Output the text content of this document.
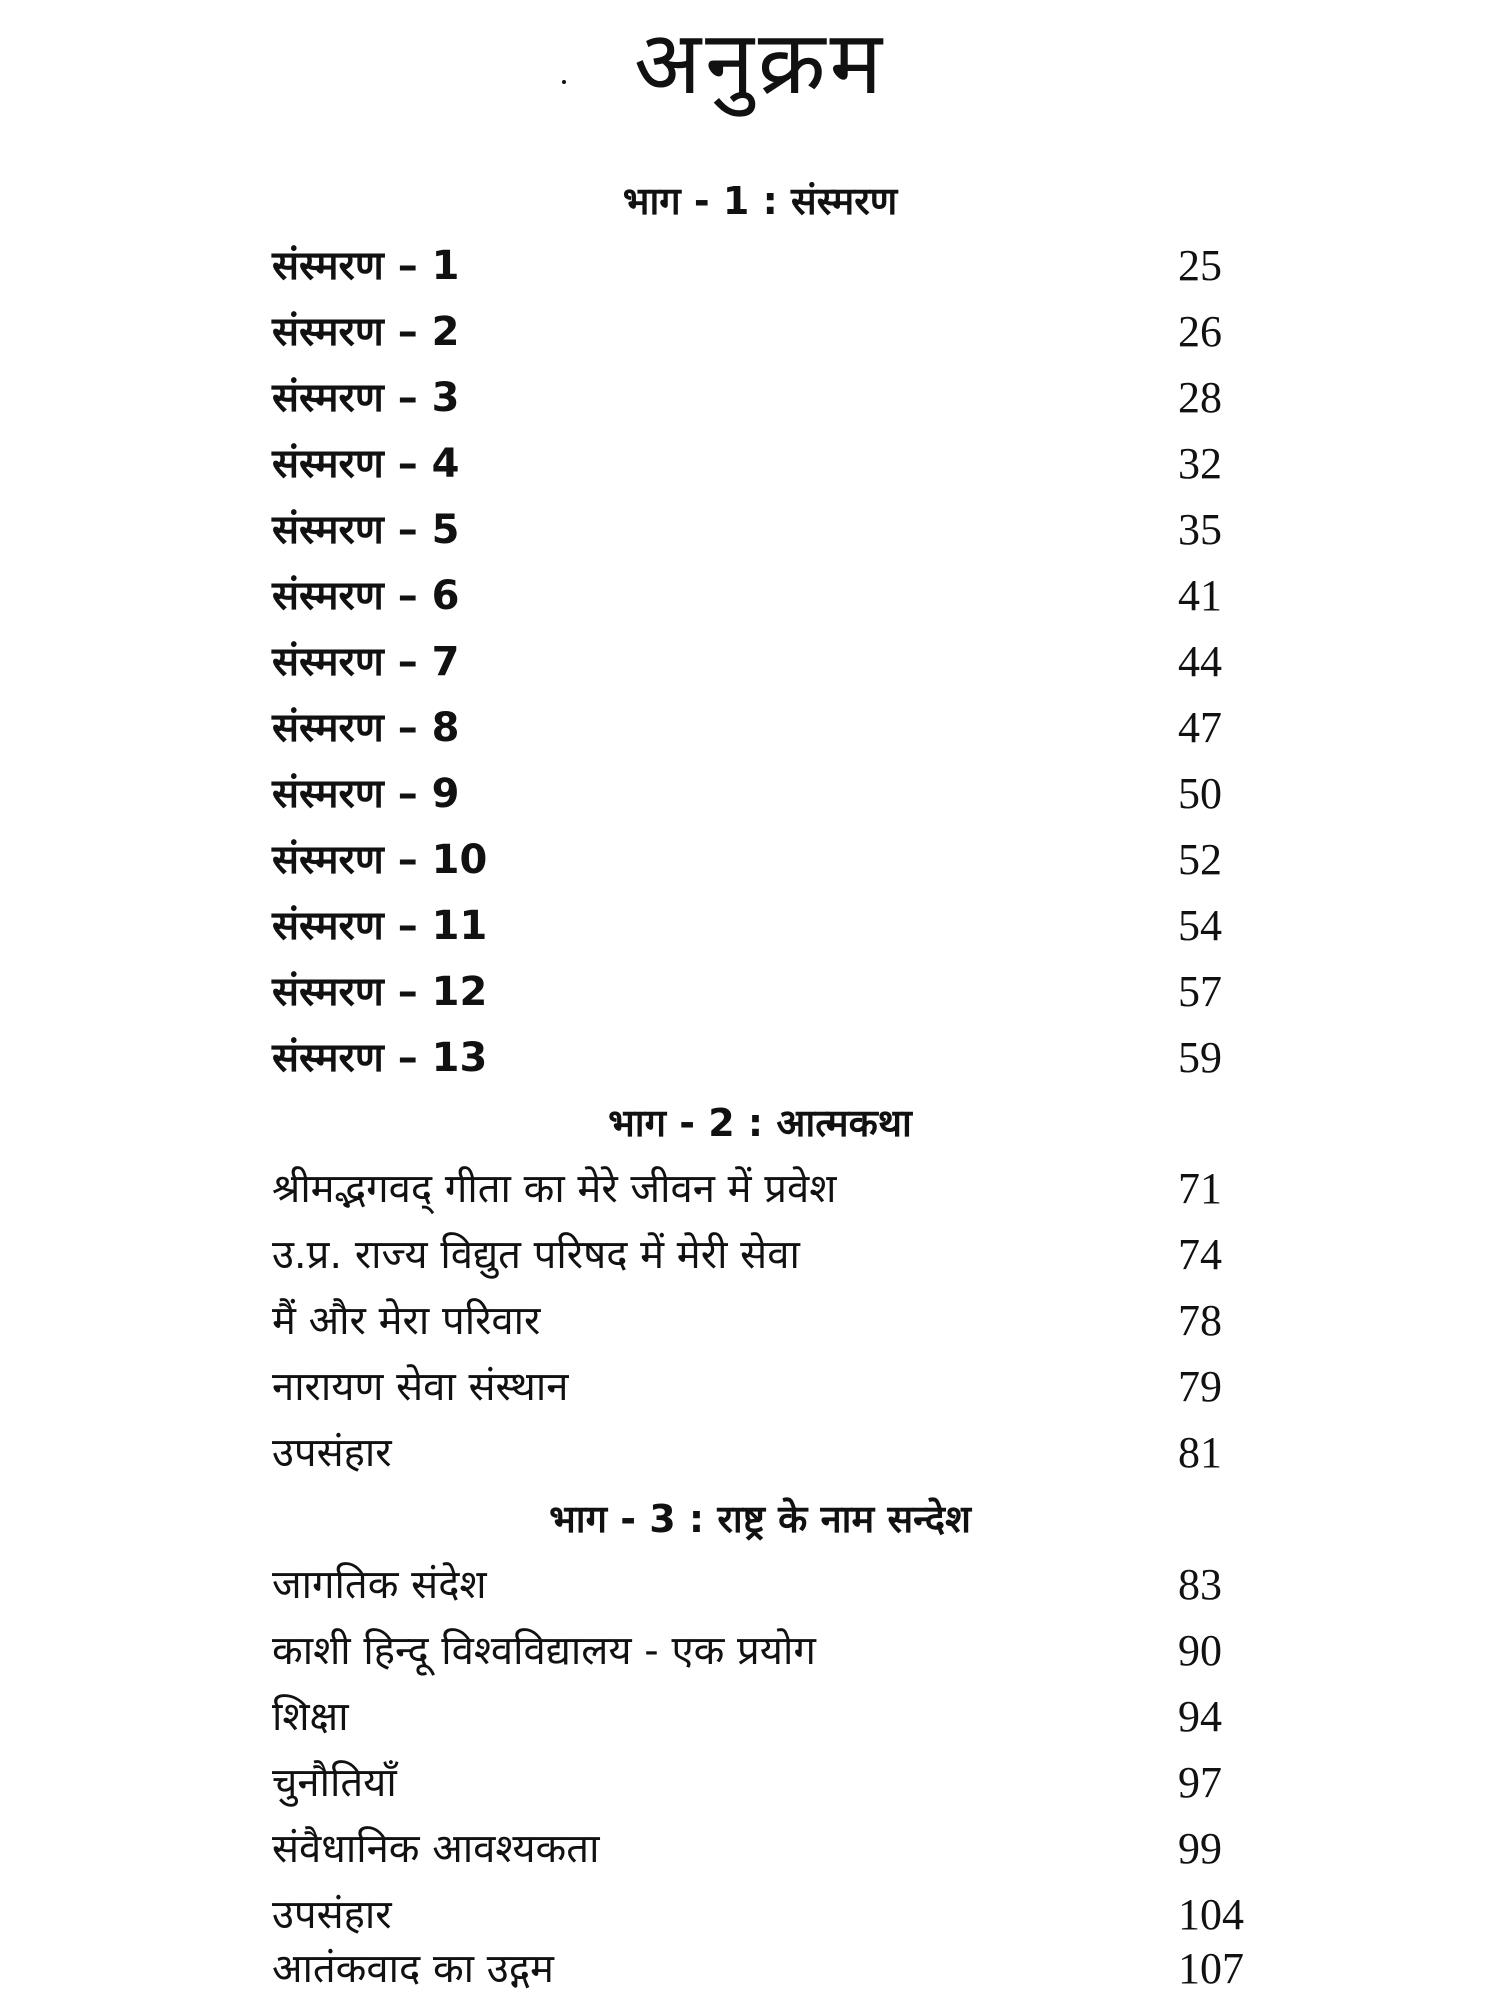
अनुक्रम
भाग - 1 : संस्मरण
संस्मरण – 1	25
संस्मरण – 2	26
संस्मरण – 3	28
संस्मरण – 4	32
संस्मरण – 5	35
संस्मरण – 6	41
संस्मरण – 7	44
संस्मरण – 8	47
संस्मरण – 9	50
संस्मरण – 10	52
संस्मरण – 11	54
संस्मरण – 12	57
संस्मरण – 13	59
भाग - 2 : आत्मकथा
श्रीमद्भगवद् गीता का मेरे जीवन में प्रवेश	71
उ.प्र. राज्य विद्युत परिषद में मेरी सेवा	74
मैं और मेरा परिवार	78
नारायण सेवा संस्थान	79
उपसंहार	81
भाग - 3 : राष्ट्र के नाम सन्देश
जागतिक संदेश	83
काशी हिन्दू विश्वविद्यालय - एक प्रयोग	90
शिक्षा	94
चुनौतियाँ	97
संवैधानिक आवश्यकता	99
उपसंहार	104
आतंकवाद का उद्गम	107
